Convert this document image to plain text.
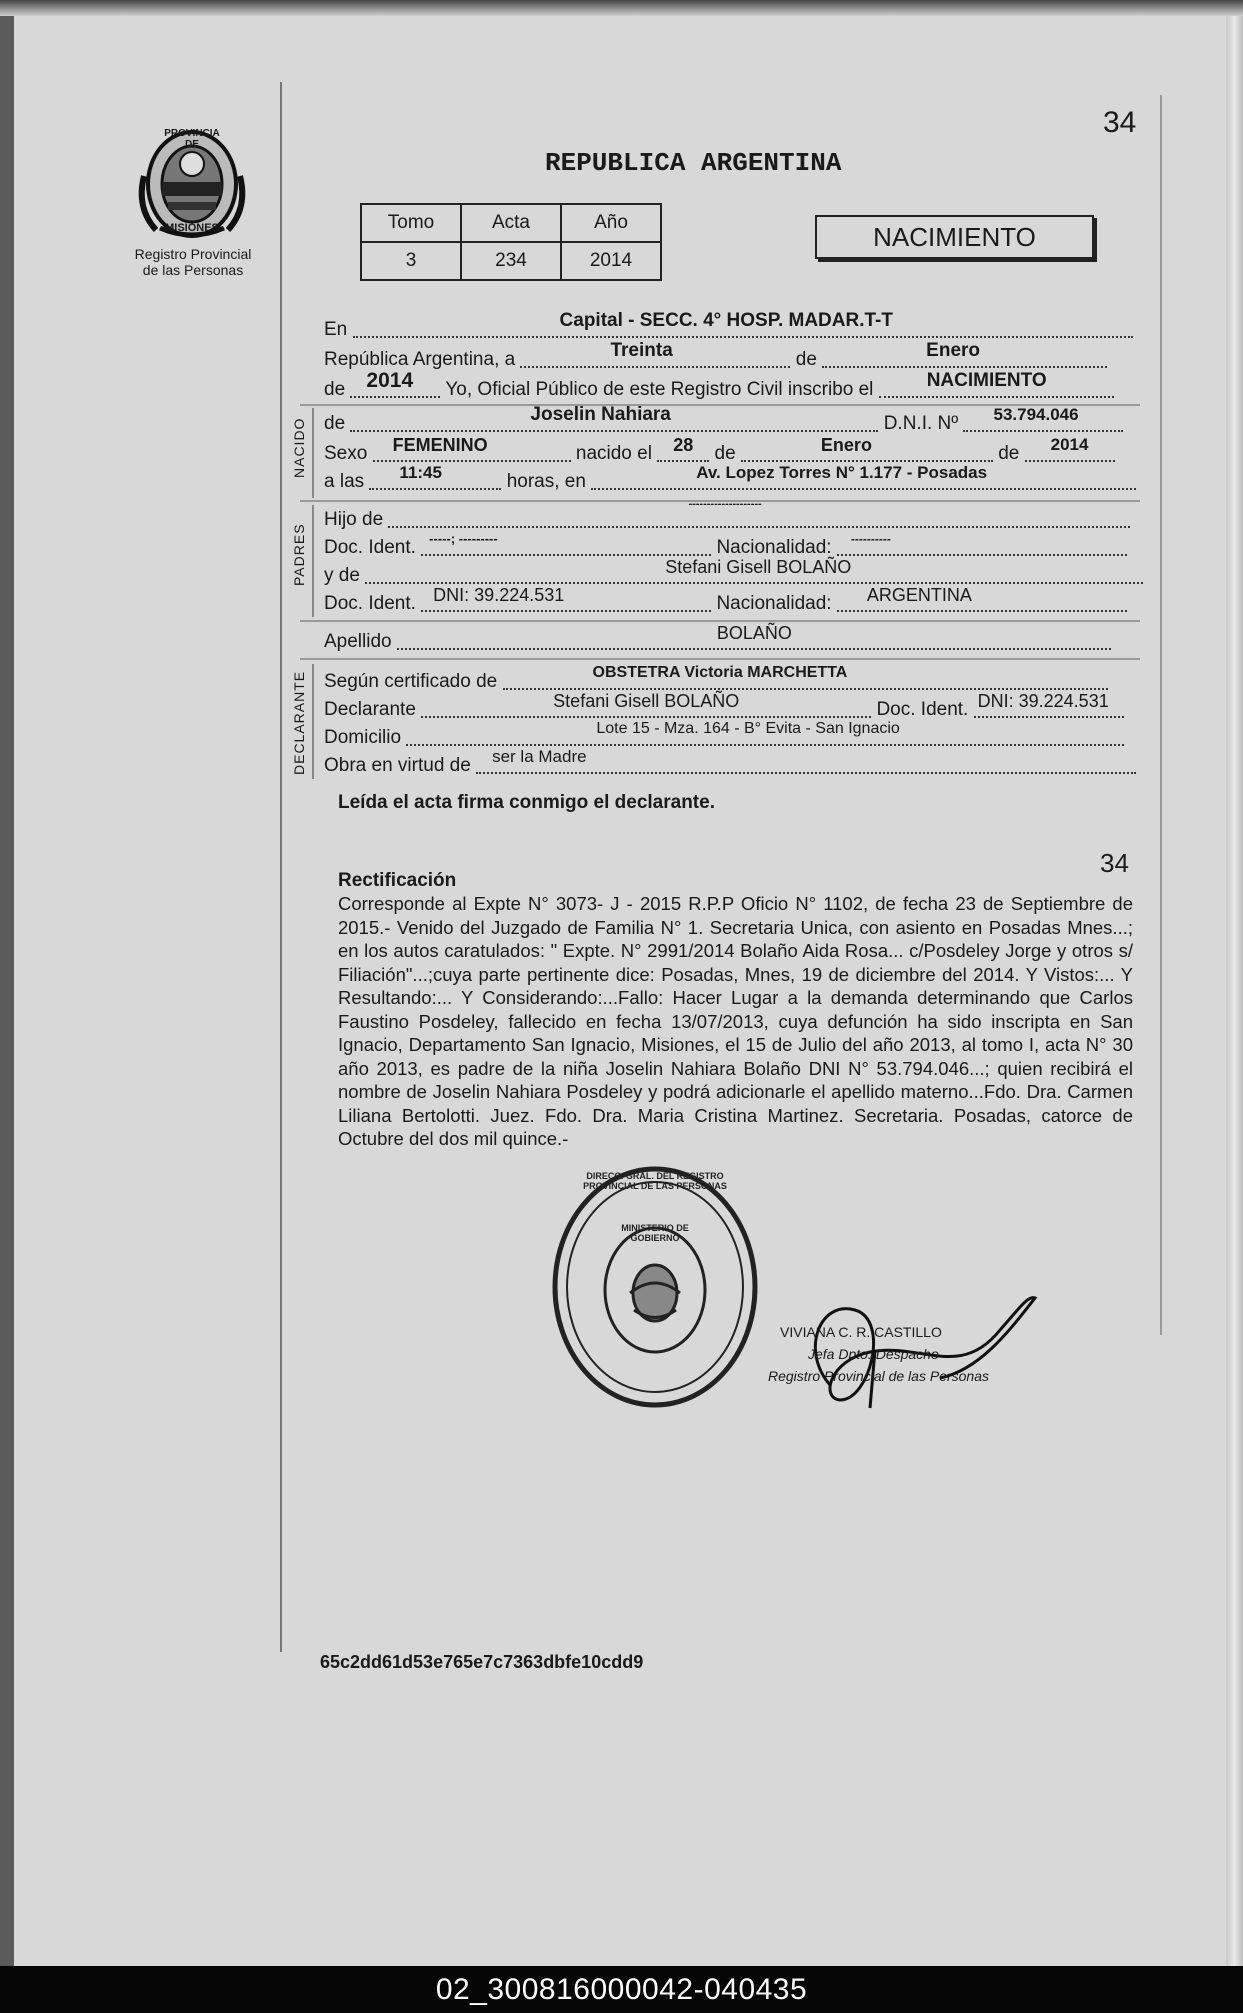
PROVINCIA DE
MISIONES
Registro Provincial
de las Personas
34
REPUBLICA ARGENTINA
Tomo	Acta	Año
3	234	2014
NACIMIENTO
En	Capital - SECC. 4° HOSP. MADAR.T-T
República Argentina, a	Treinta	de	Enero
de 2014 Yo, Oficial Público de este Registro Civil inscribo el	NACIMIENTO
NACIDO de	Joselin Nahiara	D.N.I. Nº 53.794.046
Sexo FEMENINO	nacido el 28 de	Enero	de 2014
a las 11:45	horas, en	Av. Lopez Torres N° 1.177 - Posadas
PADRES
Hijo de
--------------------
Doc. Ident. -----; ---------	Nacionalidad: ----------
y de	Stefani Gisell BOLAÑO
Doc. Ident. DNI: 39.224.531	Nacionalidad: ARGENTINA
Apellido	BOLAÑO
DECLARANTE Según certificado de	OBSTETRA Victoria MARCHETTA
Declarante	Stefani Gisell BOLAÑO	Doc. Ident. DNI: 39.224.531
Domicilio	Lote 15 - Mza. 164 - B° Evita - San Ignacio
Obra en virtud de ser la Madre
Leída el acta firma conmigo el declarante.
34
Rectificación
Corresponde al Expte N° 3073- J - 2015 R.P.P Oficio N° 1102, de fecha 23 de Septiembre de 2015.- Venido del Juzgado de Familia N° 1. Secretaria Unica, con asiento en Posadas Mnes...; en los autos caratulados: " Expte. N° 2991/2014 Bolaño Aida Rosa... c/Posdeley Jorge y otros s/ Filiación"...;cuya parte pertinente dice: Posadas, Mnes, 19 de diciembre del 2014. Y Vistos:... Y Resultando:... Y Considerando:...Fallo: Hacer Lugar a la demanda determinando que Carlos Faustino Posdeley, fallecido en fecha 13/07/2013, cuya defunción ha sido inscripta en San Ignacio, Departamento San Ignacio, Misiones, el 15 de Julio del año 2013, al tomo I, acta N° 30 año 2013, es padre de la niña Joselin Nahiara Bolaño DNI N° 53.794.046...; quien recibirá el nombre de Joselin Nahiara Posdeley y podrá adicionarle el apellido materno...Fdo. Dra. Carmen Liliana Bertolotti. Juez. Fdo. Dra. Maria Cristina Martinez. Secretaria. Posadas, catorce de Octubre del dos mil quince.-
DIRECC. GRAL. DEL REGISTRO PROVINCIAL DE LAS PERSONAS
MINISTERIO DE GOBIERNO
VIVIANA C. R. CASTILLO
Jefa Dpto. Despacho
Registro Provincial de las Personas
65c2dd61d53e765e7c7363dbfe10cdd9
02_300816000042-040435
